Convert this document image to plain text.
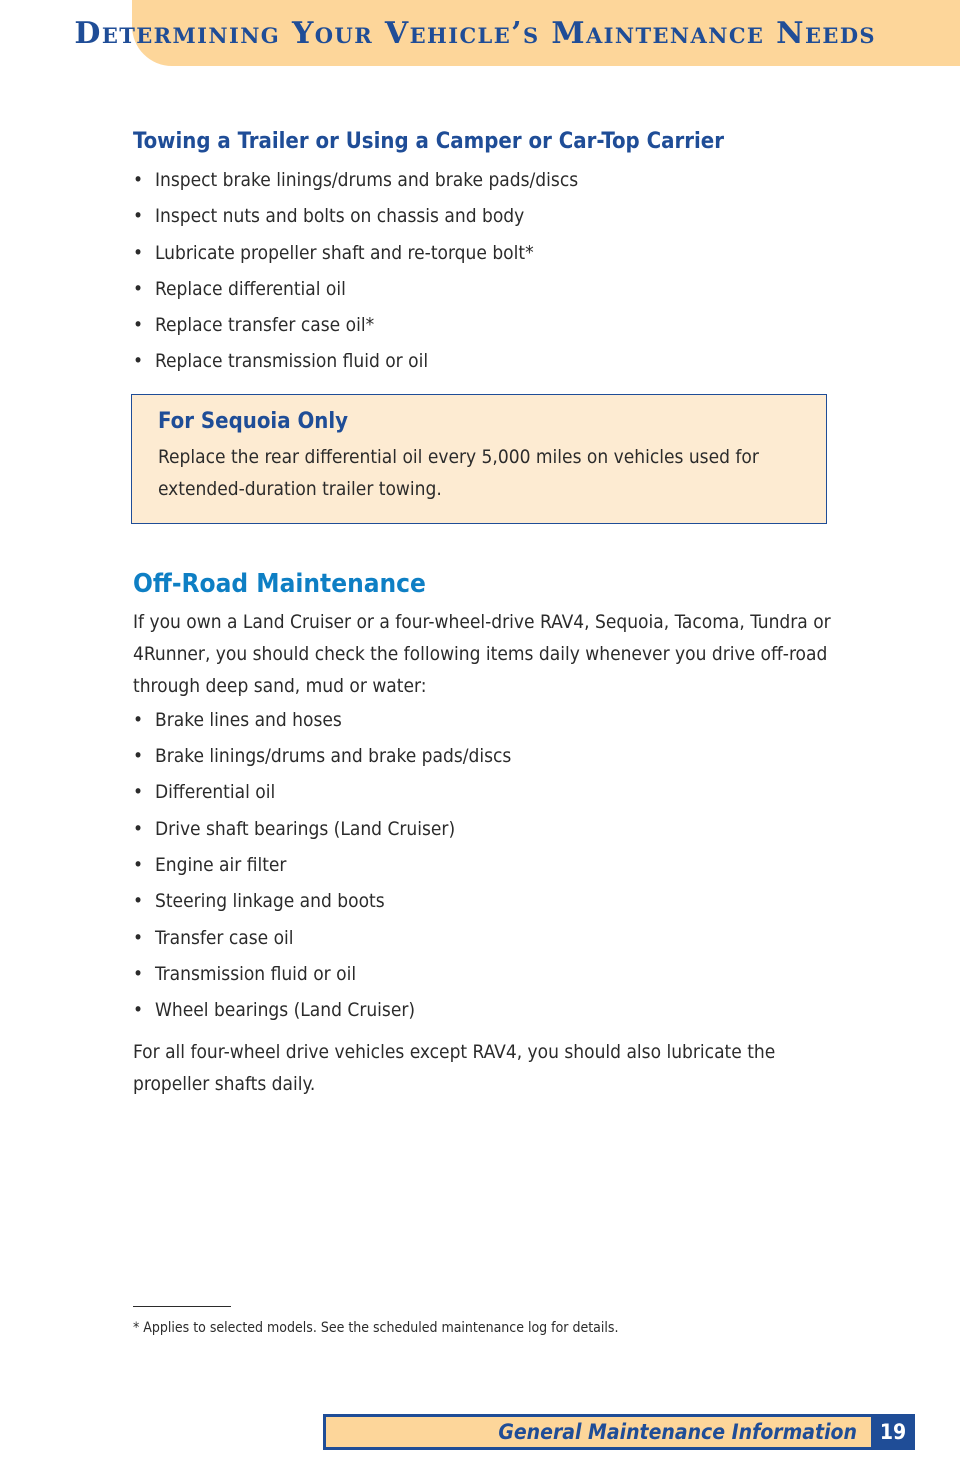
Determining Your Vehicle’s Maintenance Needs
Towing a Trailer or Using a Camper or Car-Top Carrier
• Inspect brake linings/drums and brake pads/discs
• Inspect nuts and bolts on chassis and body
• Lubricate propeller shaft and re-torque bolt*
• Replace differential oil
• Replace transfer case oil*
• Replace transmission fluid or oil
For Sequoia Only

Replace the rear differential oil every 5,000 miles on vehicles used for extended-duration trailer towing.

Off-Road Maintenance

If you own a Land Cruiser or a four-wheel-drive RAV4, Sequoia, Tacoma, Tundra or 4Runner, you should check the following items daily whenever you drive off-road through deep sand, mud or water:

• Brake lines and hoses
• Brake linings/drums and brake pads/discs
• Differential oil
• Drive shaft bearings (Land Cruiser)
• Engine air filter
• Steering linkage and boots
• Transfer case oil
• Transmission fluid or oil
• Wheel bearings (Land Cruiser)

For all four-wheel drive vehicles except RAV4, you should also lubricate the propeller shafts daily.

* Applies to selected models. See the scheduled maintenance log for details.

General Maintenance Information	19
